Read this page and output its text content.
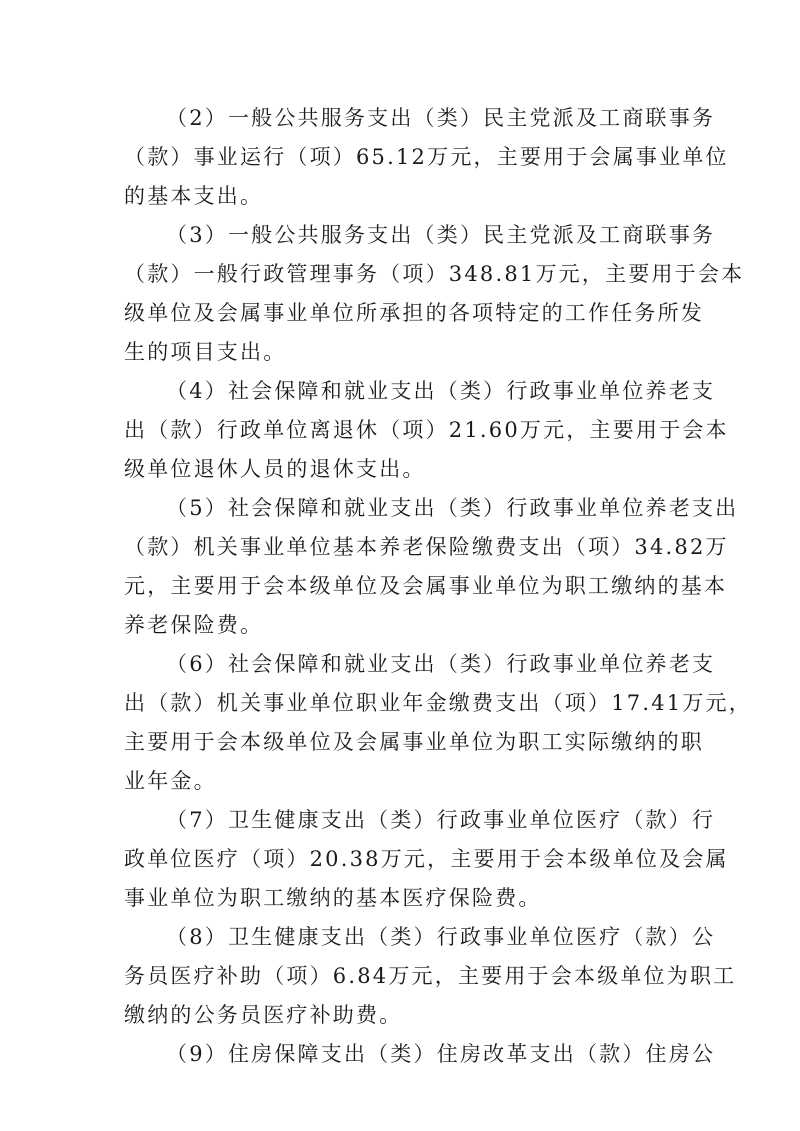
（2）一般公共服务支出（类）民主党派及工商联事务
（款）事业运行（项）65.12万元，主要用于会属事业单位
的基本支出。
（3）一般公共服务支出（类）民主党派及工商联事务
（款）一般行政管理事务（项）348.81万元，主要用于会本
级单位及会属事业单位所承担的各项特定的工作任务所发
生的项目支出。
（4）社会保障和就业支出（类）行政事业单位养老支
出（款）行政单位离退休（项）21.60万元，主要用于会本
级单位退休人员的退休支出。
（5）社会保障和就业支出（类）行政事业单位养老支出
（款）机关事业单位基本养老保险缴费支出（项）34.82万
元，主要用于会本级单位及会属事业单位为职工缴纳的基本
养老保险费。
（6）社会保障和就业支出（类）行政事业单位养老支
出（款）机关事业单位职业年金缴费支出（项）17.41万元，
主要用于会本级单位及会属事业单位为职工实际缴纳的职
业年金。
（7）卫生健康支出（类）行政事业单位医疗（款）行
政单位医疗（项）20.38万元，主要用于会本级单位及会属
事业单位为职工缴纳的基本医疗保险费。
（8）卫生健康支出（类）行政事业单位医疗（款）公
务员医疗补助（项）6.84万元，主要用于会本级单位为职工
缴纳的公务员医疗补助费。
（9）住房保障支出（类）住房改革支出（款）住房公
